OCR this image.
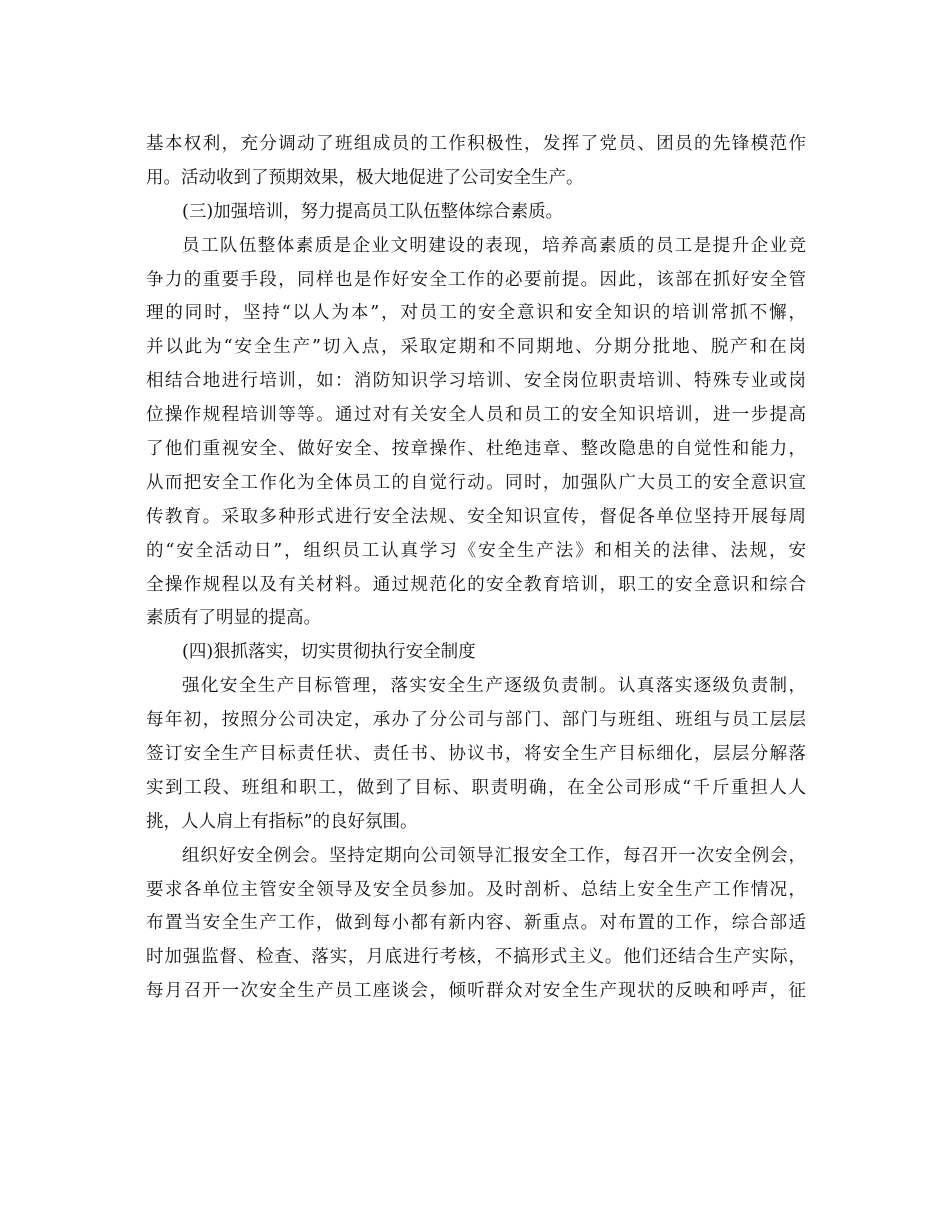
基本权利，充分调动了班组成员的工作积极性，发挥了党员、团员的先锋模范作
用。活动收到了预期效果，极大地促进了公司安全生产。
(三)加强培训，努力提高员工队伍整体综合素质。
员工队伍整体素质是企业文明建设的表现，培养高素质的员工是提升企业竞
争力的重要手段，同样也是作好安全工作的必要前提。因此，该部在抓好安全管
理的同时，坚持“以人为本”，对员工的安全意识和安全知识的培训常抓不懈，
并以此为“安全生产”切入点，采取定期和不同期地、分期分批地、脱产和在岗
相结合地进行培训，如：消防知识学习培训、安全岗位职责培训、特殊专业或岗
位操作规程培训等等。通过对有关安全人员和员工的安全知识培训，进一步提高
了他们重视安全、做好安全、按章操作、杜绝违章、整改隐患的自觉性和能力，
从而把安全工作化为全体员工的自觉行动。同时，加强队广大员工的安全意识宣
传教育。采取多种形式进行安全法规、安全知识宣传，督促各单位坚持开展每周
的“安全活动日”，组织员工认真学习《安全生产法》和相关的法律、法规，安
全操作规程以及有关材料。通过规范化的安全教育培训，职工的安全意识和综合
素质有了明显的提高。
(四)狠抓落实，切实贯彻执行安全制度
强化安全生产目标管理，落实安全生产逐级负责制。认真落实逐级负责制，
每年初，按照分公司决定，承办了分公司与部门、部门与班组、班组与员工层层
签订安全生产目标责任状、责任书、协议书，将安全生产目标细化，层层分解落
实到工段、班组和职工，做到了目标、职责明确，在全公司形成“千斤重担人人
挑，人人肩上有指标”的良好氛围。
组织好安全例会。坚持定期向公司领导汇报安全工作，每召开一次安全例会，
要求各单位主管安全领导及安全员参加。及时剖析、总结上安全生产工作情况，
布置当安全生产工作，做到每小都有新内容、新重点。对布置的工作，综合部适
时加强监督、检查、落实，月底进行考核，不搞形式主义。他们还结合生产实际，
每月召开一次安全生产员工座谈会，倾听群众对安全生产现状的反映和呼声，征
